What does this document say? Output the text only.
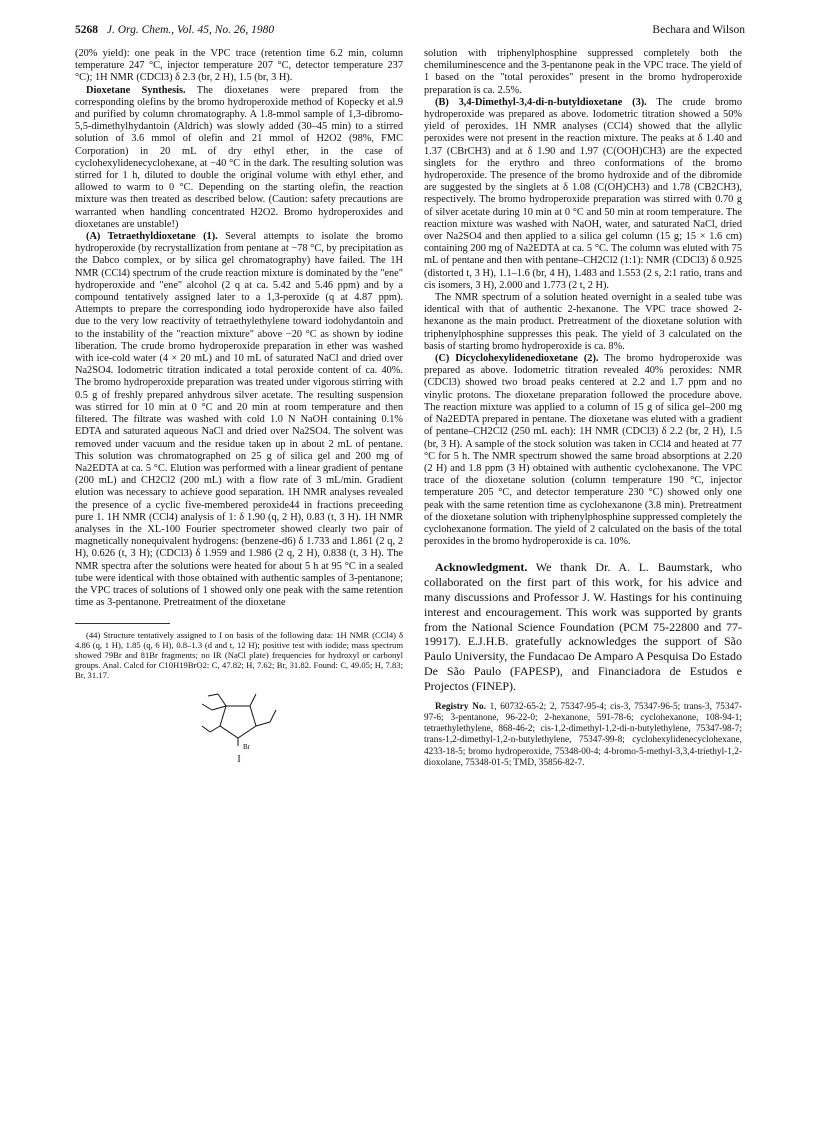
5268 J. Org. Chem., Vol. 45, No. 26, 1980	Bechara and Wilson

(20% yield): one peak in the VPC trace (retention time 6.2 min, column temperature 247 °C, injector temperature 207 °C, detector temperature 237 °C); 1H NMR (CDCl3) δ 2.3 (br, 2 H), 1.5 (br, 3 H).

Dioxetane Synthesis. The dioxetanes were prepared from the corresponding olefins by the bromo hydroperoxide method of Kopecky et al.9 and purified by column chromatography. A 1.8-mmol sample of 1,3-dibromo-5,5-dimethylhydantoin (Aldrich) was slowly added (30–45 min) to a stirred solution of 3.6 mmol of olefin and 21 mmol of H2O2 (98%, FMC Corporation) in 20 mL of dry ethyl ether, in the case of cyclohexylidenecyclohexane, at −40 °C in the dark. The resulting solution was stirred for 1 h, diluted to double the original volume with ethyl ether, and allowed to warm to 0 °C. Depending on the starting olefin, the reaction mixture was then treated as described below. (Caution: safety precautions are warranted when handling concentrated H2O2. Bromo hydroperoxides and dioxetanes are unstable!)

(A) Tetraethyldioxetane (1). Several attempts to isolate the bromo hydroperoxide (by recrystallization from pentane at −78 °C, by precipitation as the Dabco complex, or by silica gel chromatography) have failed. The 1H NMR (CCl4) spectrum of the crude reaction mixture is dominated by the "ene" hydroperoxide and "ene" alcohol (2 q at ca. 5.42 and 5.46 ppm) and by a compound tentatively assigned later to a 1,3-peroxide (q at 4.87 ppm). Attempts to prepare the corresponding iodo hydroperoxide have also failed due to the very low reactivity of tetraethylethylene toward iodohydantoin and to the instability of the "reaction mixture" above −20 °C as shown by iodine liberation. The crude bromo hydroperoxide preparation in ether was washed with ice-cold water (4 × 20 mL) and 10 mL of saturated NaCl and dried over Na2SO4. Iodometric titration indicated a total peroxide content of ca. 40%. The bromo hydroperoxide preparation was treated under vigorous stirring with 0.5 g of freshly prepared anhydrous silver acetate. The resulting suspension was stirred for 10 min at 0 °C and 20 min at room temperature and then filtered. The filtrate was washed with cold 1.0 N NaOH containing 0.1% EDTA and saturated aqueous NaCl and dried over Na2SO4. The solvent was removed under vacuum and the residue taken up in about 2 mL of pentane. This solution was chromatographed on 25 g of silica gel and 200 mg of Na2EDTA at ca. 5 °C. Elution was performed with a linear gradient of pentane (200 mL) and CH2Cl2 (200 mL) with a flow rate of 3 mL/min. Gradient elution was necessary to achieve good separation. 1H NMR analyses revealed the presence of a cyclic five-membered peroxide44 in fractions preceeding pure 1. 1H NMR (CCl4) analysis of 1: δ 1.90 (q, 2 H), 0.83 (t, 3 H). 1H NMR analyses in the XL-100 Fourier spectrometer showed clearly two pair of magnetically nonequivalent hydrogens: (benzene-d6) δ 1.733 and 1.861 (2 q, 2 H), 0.626 (t, 3 H); (CDCl3) δ 1.959 and 1.986 (2 q, 2 H), 0.838 (t, 3 H). The NMR spectra after the solutions were heated for about 5 h at 95 °C in a sealed tube were identical with those obtained with authentic samples of 3-pentanone; the VPC traces of solutions of 1 showed only one peak with the same retention time as 3-pentanone. Pretreatment of the dioxetane

(44) Structure tentatively assigned to I on basis of the following data: 1H NMR (CCl4) δ 4.86 (q, 1 H), 1.85 (q, 6 H), 0.8–1.3 (d and t, 12 H); positive test with iodide; mass spectrum showed 79Br and 81Br fragments; no IR (NaCl plate) frequencies for hydroxyl or carbonyl groups. Anal. Calcd for C10H19BrO2: C, 47.82; H, 7.62; Br, 31.82. Found: C, 49.05; H, 7.83; Br, 31.17.

Br
I

solution with triphenylphosphine suppressed completely both the chemiluminescence and the 3-pentanone peak in the VPC trace. The yield of 1 based on the "total peroxides" present in the bromo hydroperoxide preparation is ca. 2.5%.

(B) 3,4-Dimethyl-3,4-di-n-butyldioxetane (3). The crude bromo hydroperoxide was prepared as above. Iodometric titration showed a 50% yield of peroxides. 1H NMR analyses (CCl4) showed that the allylic peroxides were not present in the reaction mixture. The peaks at δ 1.40 and 1.37 (CBrCH3) and at δ 1.90 and 1.97 (C(OOH)CH3) are the expected singlets for the erythro and threo conformations of the bromo hydroperoxide. The presence of the bromo hydroxide and of the dibromide are suggested by the singlets at δ 1.08 (C(OH)CH3) and 1.78 (CB2CH3), respectively. The bromo hydroperoxide preparation was stirred with 0.70 g of silver acetate during 10 min at 0 °C and 50 min at room temperature. The reaction mixture was washed with NaOH, water, and saturated NaCl, dried over Na2SO4 and then applied to a silica gel column (15 g; 15 × 1.6 cm) containing 200 mg of Na2EDTA at ca. 5 °C. The column was eluted with 75 mL of pentane and then with pentane–CH2Cl2 (1:1): NMR (CDCl3) δ 0.925 (distorted t, 3 H), 1.1–1.6 (br, 4 H), 1.483 and 1.553 (2 s, 2:1 ratio, trans and cis isomers, 3 H), 2.000 and 1.773 (2 t, 2 H).

The NMR spectrum of a solution heated overnight in a sealed tube was identical with that of authentic 2-hexanone. The VPC trace showed 2-hexanone as the main product. Pretreatment of the dioxetane solution with triphenylphosphine suppresses this peak. The yield of 3 calculated on the basis of starting bromo hydroperoxide is ca. 8%.

(C) Dicyclohexylidenedioxetane (2). The bromo hydroperoxide was prepared as above. Iodometric titration revealed 40% peroxides: NMR (CDCl3) showed two broad peaks centered at 2.2 and 1.7 ppm and no vinylic protons. The dioxetane preparation followed the procedure above. The reaction mixture was applied to a column of 15 g of silica gel–200 mg of Na2EDTA prepared in pentane. The dioxetane was eluted with a gradient of pentane–CH2Cl2 (250 mL each): 1H NMR (CDCl3) δ 2.2 (br, 2 H), 1.5 (br, 3 H). A sample of the stock solution was taken in CCl4 and heated at 77 °C for 5 h. The NMR spectrum showed the same broad absorptions at 2.20 (2 H) and 1.8 ppm (3 H) obtained with authentic cyclohexanone. The VPC trace of the dioxetane solution (column temperature 190 °C, injector temperature 205 °C, and detector temperature 230 °C) showed only one peak with the same retention time as cyclohexanone (3.8 min). Pretreatment of the dioxetane solution with triphenylphosphine suppressed completely the cyclohexanone formation. The yield of 2 calculated on the basis of the total peroxides in the bromo hydroperoxide is ca. 10%.

Acknowledgment. We thank Dr. A. L. Baumstark, who collaborated on the first part of this work, for his advice and many discussions and Professor J. W. Hastings for his continuing interest and encouragement. This work was supported by grants from the National Science Foundation (PCM 75-22800 and 77-19917). E.J.H.B. gratefully acknowledges the support of São Paulo University, the Fundacao De Amparo A Pesquisa Do Estado De São Paulo (FAPESP), and Financiadora de Estudos e Projectos (FINEP).

Registry No. 1, 60732-65-2; 2, 75347-95-4; cis-3, 75347-96-5; trans-3, 75347-97-6; 3-pentanone, 96-22-0; 2-hexanone, 591-78-6; cyclohexanone, 108-94-1; tetraethylethylene, 868-46-2; cis-1,2-dimethyl-1,2-di-n-butylethylene, 75347-98-7; trans-1,2-dimethyl-1,2-n-butylethylene, 75347-99-8; cyclohexylidenecyclohexane, 4233-18-5; bromo hydroperoxide, 75348-00-4; 4-bromo-5-methyl-3,3,4-triethyl-1,2-dioxolane, 75348-01-5; TMD, 35856-82-7.
